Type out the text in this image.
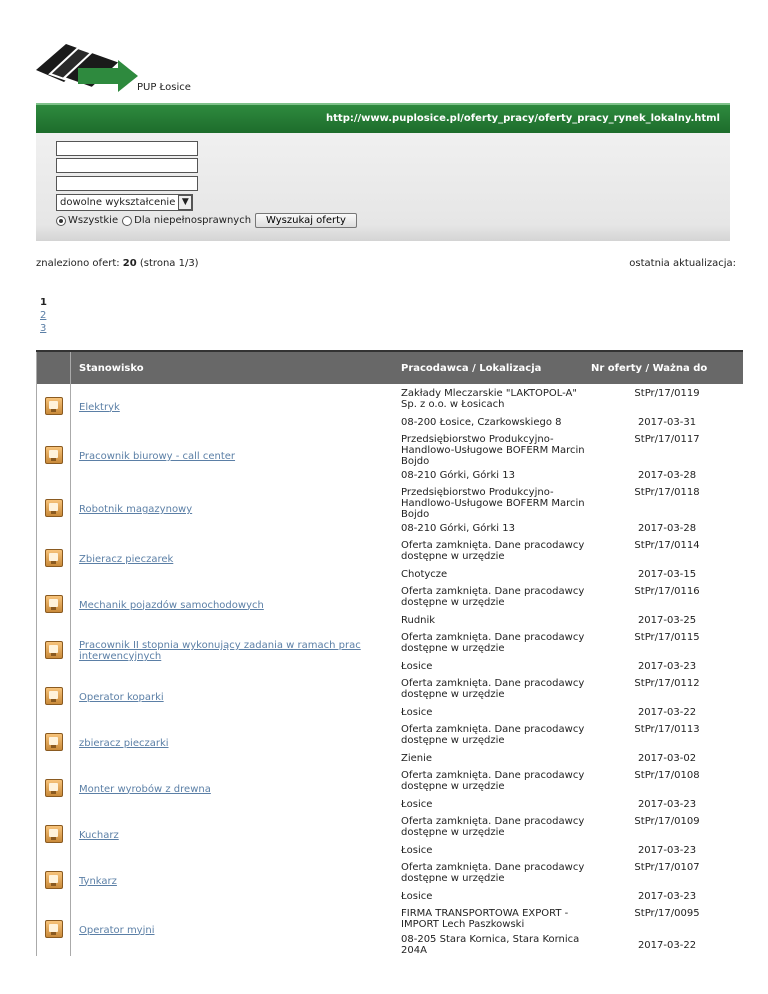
PUP Łosice
http://www.puplosice.pl/oferty_pracy/oferty_pracy_rynek_lokalny.html
dowolne wykształcenie ▼
Wszystkie Dla niepełnosprawnych	Wyszukaj oferty
znaleziono ofert: 20 (strona 1/3)	ostatnia aktualizacja:
1
2
3
	Stanowisko	Pracodawca / Lokalizacja	Nr oferty / Ważna do
	Elektryk	Zakłady Mleczarskie "LAKTOPOL-A" Sp. z o.o. w Łosicach	StPr/17/0119
		08-200 Łosice, Czarkowskiego 8	2017-03-31
	Pracownik biurowy - call center	Przedsiębiorstwo Produkcyjno-Handlowo-Usługowe BOFERM Marcin Bojdo	StPr/17/0117
		08-210 Górki, Górki 13	2017-03-28
	Robotnik magazynowy	Przedsiębiorstwo Produkcyjno-Handlowo-Usługowe BOFERM Marcin Bojdo	StPr/17/0118
		08-210 Górki, Górki 13	2017-03-28
	Zbieracz pieczarek	Oferta zamknięta. Dane pracodawcy dostępne w urzędzie	StPr/17/0114
		Chotycze	2017-03-15
	Mechanik pojazdów samochodowych	Oferta zamknięta. Dane pracodawcy dostępne w urzędzie	StPr/17/0116
		Rudnik	2017-03-25
	Pracownik II stopnia wykonujący zadania w ramach prac interwencyjnych	Oferta zamknięta. Dane pracodawcy dostępne w urzędzie	StPr/17/0115
		Łosice	2017-03-23
	Operator koparki	Oferta zamknięta. Dane pracodawcy dostępne w urzędzie	StPr/17/0112
		Łosice	2017-03-22
	zbieracz pieczarki	Oferta zamknięta. Dane pracodawcy dostępne w urzędzie	StPr/17/0113
		Zienie	2017-03-02
	Monter wyrobów z drewna	Oferta zamknięta. Dane pracodawcy dostępne w urzędzie	StPr/17/0108
		Łosice	2017-03-23
	Kucharz	Oferta zamknięta. Dane pracodawcy dostępne w urzędzie	StPr/17/0109
		Łosice	2017-03-23
	Tynkarz	Oferta zamknięta. Dane pracodawcy dostępne w urzędzie	StPr/17/0107
		Łosice	2017-03-23
	Operator myjni	FIRMA TRANSPORTOWA EXPORT - IMPORT Lech Paszkowski	StPr/17/0095
		08-205 Stara Kornica, Stara Kornica 204A	2017-03-22
